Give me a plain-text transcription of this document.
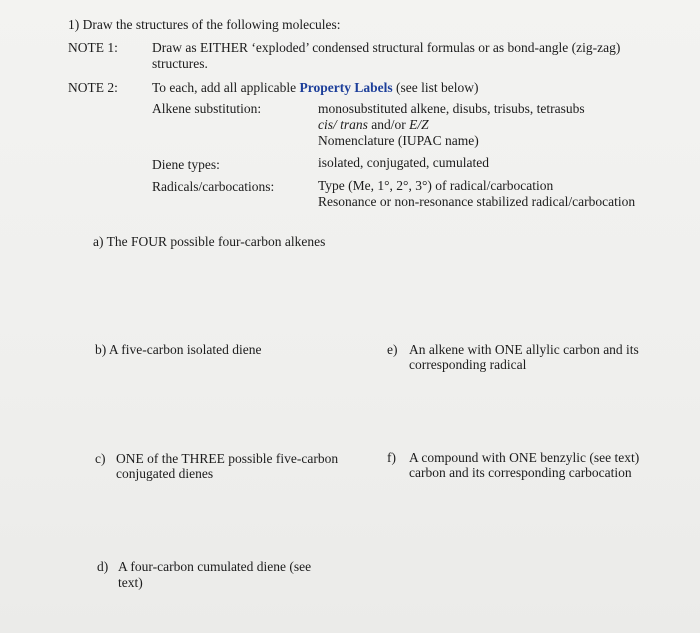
1) Draw the structures of the following molecules:
NOTE 1:	Draw as EITHER ‘exploded’ condensed structural formulas or as bond-angle (zig-zag)
structures.
NOTE 2:	To each, add all applicable Property Labels (see list below)
Alkene substitution:	monosubstituted alkene, disubs, trisubs, tetrasubs
cis/ trans and/or E/Z
Nomenclature (IUPAC name)
Diene types:	isolated, conjugated, cumulated
Radicals/carbocations:	Type (Me, 1°, 2°, 3°) of radical/carbocation
Resonance or non-resonance stabilized radical/carbocation
a) The FOUR possible four-carbon alkenes
b) A five-carbon isolated diene	e) An alkene with ONE allylic carbon and its
corresponding radical
c) ONE of the THREE possible five-carbon
conjugated dienes
f) A compound with ONE benzylic (see text)
carbon and its corresponding carbocation
d) A four-carbon cumulated diene (see
text)
